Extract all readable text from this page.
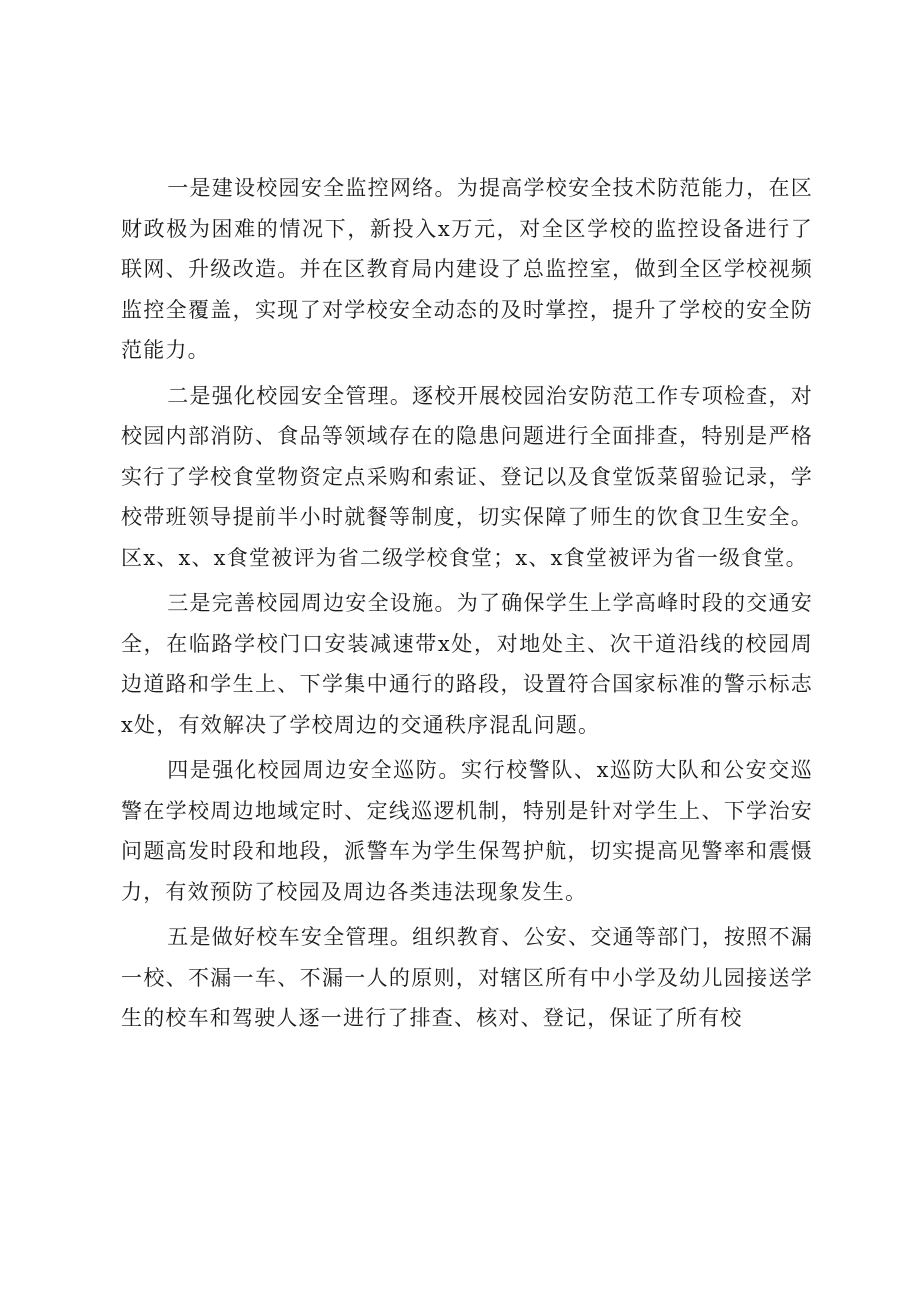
一是建设校园安全监控网络。为提高学校安全技术防范能力，在区财政极为困难的情况下，新投入x万元，对全区学校的监控设备进行了联网、升级改造。并在区教育局内建设了总监控室，做到全区学校视频监控全覆盖，实现了对学校安全动态的及时掌控，提升了学校的安全防范能力。

二是强化校园安全管理。逐校开展校园治安防范工作专项检查，对校园内部消防、食品等领域存在的隐患问题进行全面排查，特别是严格实行了学校食堂物资定点采购和索证、登记以及食堂饭菜留验记录，学校带班领导提前半小时就餐等制度，切实保障了师生的饮食卫生安全。区x、x、x食堂被评为省二级学校食堂；x、x食堂被评为省一级食堂。

三是完善校园周边安全设施。为了确保学生上学高峰时段的交通安全，在临路学校门口安装减速带x处，对地处主、次干道沿线的校园周边道路和学生上、下学集中通行的路段，设置符合国家标准的警示标志x处，有效解决了学校周边的交通秩序混乱问题。

四是强化校园周边安全巡防。实行校警队、x巡防大队和公安交巡警在学校周边地域定时、定线巡逻机制，特别是针对学生上、下学治安问题高发时段和地段，派警车为学生保驾护航，切实提高见警率和震慑力，有效预防了校园及周边各类违法现象发生。

五是做好校车安全管理。组织教育、公安、交通等部门，按照不漏一校、不漏一车、不漏一人的原则，对辖区所有中小学及幼儿园接送学生的校车和驾驶人逐一进行了排查、核对、登记，保证了所有校
